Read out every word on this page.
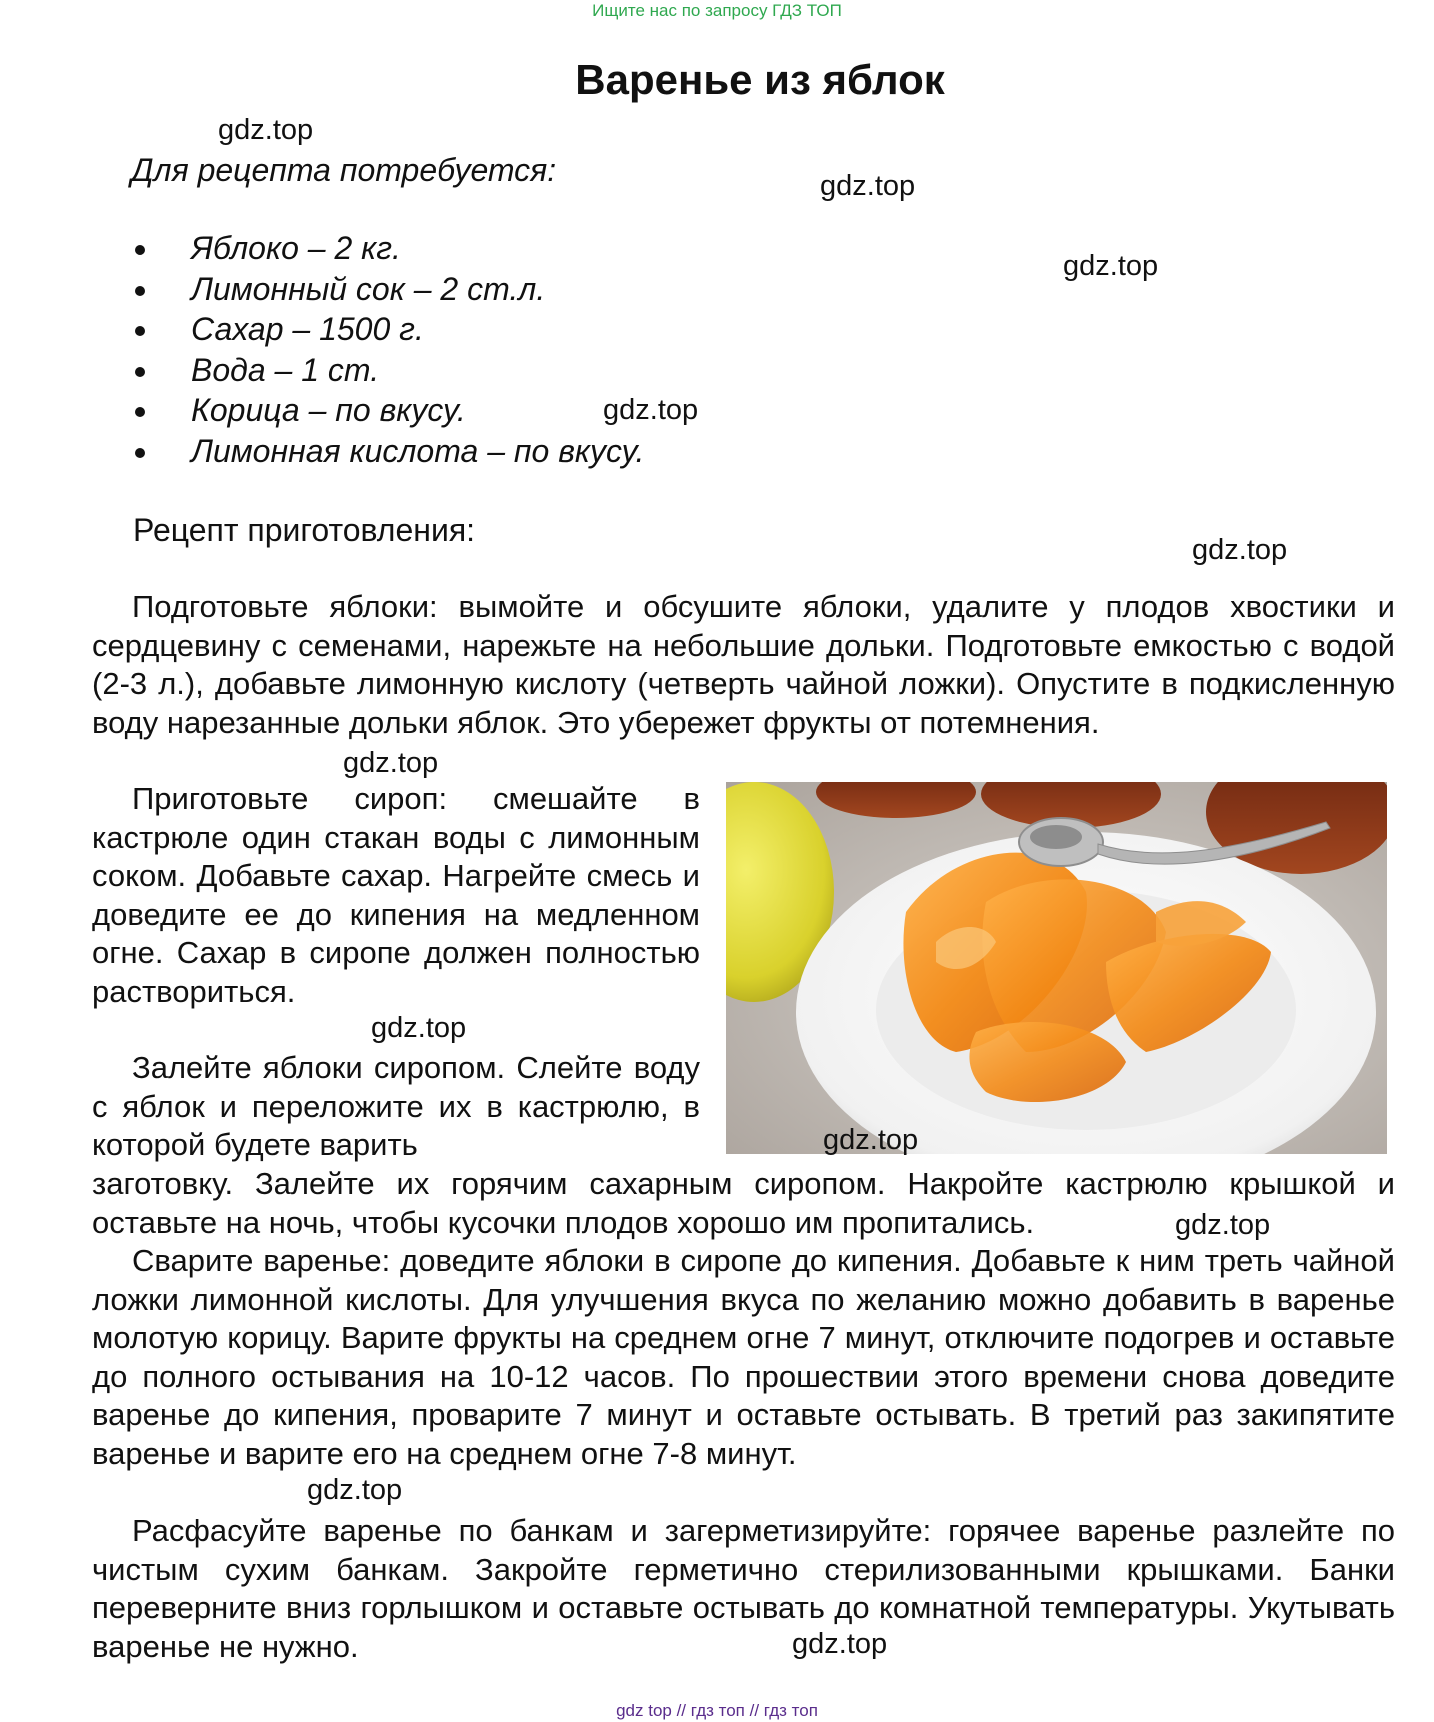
Ищите нас по запросу ГДЗ ТОП
Варенье из яблок
Для рецепта потребуется:
Яблоко – 2 кг.
Лимонный сок – 2 ст.л.
Сахар – 1500 г.
Вода – 1 ст.
Корица – по вкусу.
Лимонная кислота – по вкусу.
Рецепт приготовления:

Подготовьте яблоки: вымойте и обсушите яблоки, удалите у плодов хвостики и сердцевину с семенами, нарежьте на небольшие дольки. Подготовьте емкостью с водой (2-3 л.), добавьте лимонную кислоту (четверть чайной ложки). Опустите в подкисленную воду нарезанные дольки яблок. Это убережет фрукты от потемнения.

Приготовьте сироп: смешайте в кастрюле один стакан воды с лимонным соком. Добавьте сахар. Нагрейте смесь и доведите ее до кипения на медленном огне. Сахар в сиропе должен полностью раствориться.

Залейте яблоки сиропом. Слейте воду с яблок и переложите их в кастрюлю, в которой будете варить

заготовку. Залейте их горячим сахарным сиропом. Накройте кастрюлю крышкой и оставьте на ночь, чтобы кусочки плодов хорошо им пропитались.

Сварите варенье: доведите яблоки в сиропе до кипения. Добавьте к ним треть чайной ложки лимонной кислоты. Для улучшения вкуса по желанию можно добавить в варенье молотую корицу. Варите фрукты на среднем огне 7 минут, отключите подогрев и оставьте до полного остывания на 10-12 часов. По прошествии этого времени снова доведите варенье до кипения, проварите 7 минут и оставьте остывать. В третий раз закипятите варенье и варите его на среднем огне 7-8 минут.

Расфасуйте варенье по банкам и загерметизируйте: горячее варенье разлейте по чистым сухим банкам. Закройте герметично стерилизованными крышками. Банки переверните вниз горлышком и оставьте остывать до комнатной температуры. Укутывать варенье не нужно.

gdz.top
gdz.top
gdz.top
gdz.top
gdz.top
gdz.top
gdz.top
gdz.top
gdz.top
gdz.top
gdz.top
gdz top // гдз топ // гдз топ
